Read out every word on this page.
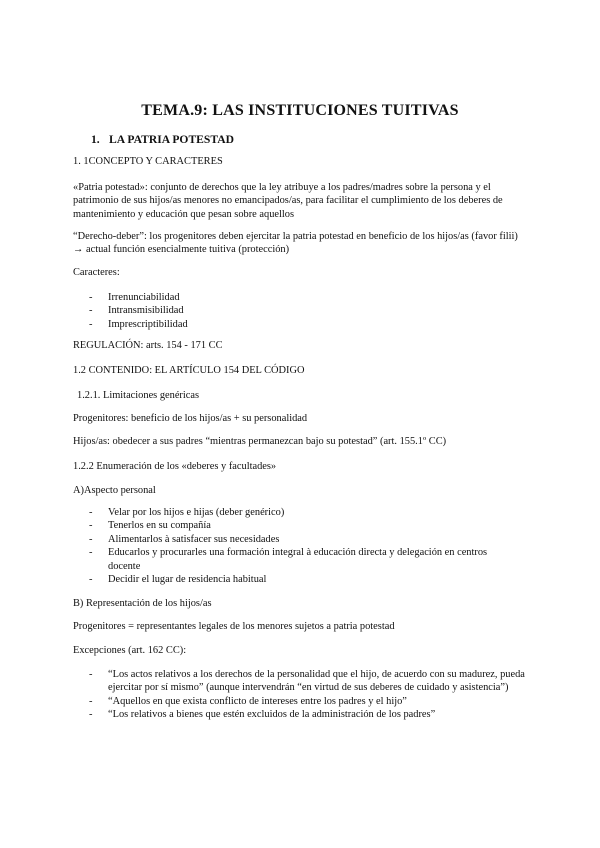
TEMA.9: LAS INSTITUCIONES TUITIVAS
1. LA PATRIA POTESTAD

1. 1CONCEPTO Y CARACTERES

«Patria potestad»: conjunto de derechos que la ley atribuye a los padres/madres sobre la persona y el patrimonio de sus hijos/as menores no emancipados/as, para facilitar el cumplimiento de los deberes de mantenimiento y educación que pesan sobre aquellos

“Derecho-deber”: los progenitores deben ejercitar la patria potestad en beneficio de los hijos/as (favor filii) → actual función esencialmente tuitiva (protección)

Caracteres:

- Irrenunciabilidad
- Intransmisibilidad
- Imprescriptibilidad

REGULACIÓN: arts. 154 - 171 CC

1.2 CONTENIDO: EL ARTÍCULO 154 DEL CÓDIGO

1.2.1. Limitaciones genéricas

Progenitores: beneficio de los hijos/as + su personalidad

Hijos/as: obedecer a sus padres “mientras permanezcan bajo su potestad” (art. 155.1º CC)

1.2.2 Enumeración de los «deberes y facultades»

A)Aspecto personal

- Velar por los hijos e hijas (deber genérico)
- Tenerlos en su compañía
- Alimentarlos à satisfacer sus necesidades
- Educarlos y procurarles una formación integral à educación directa y delegación en centros docente
- Decidir el lugar de residencia habitual

B) Representación de los hijos/as

Progenitores = representantes legales de los menores sujetos a patria potestad

Excepciones (art. 162 CC):

- “Los actos relativos a los derechos de la personalidad que el hijo, de acuerdo con su madurez, pueda ejercitar por sí mismo” (aunque intervendrán “en virtud de sus deberes de cuidado y asistencia”)
- “Aquellos en que exista conflicto de intereses entre los padres y el hijo”
- “Los relativos a bienes que estén excluidos de la administración de los padres”
